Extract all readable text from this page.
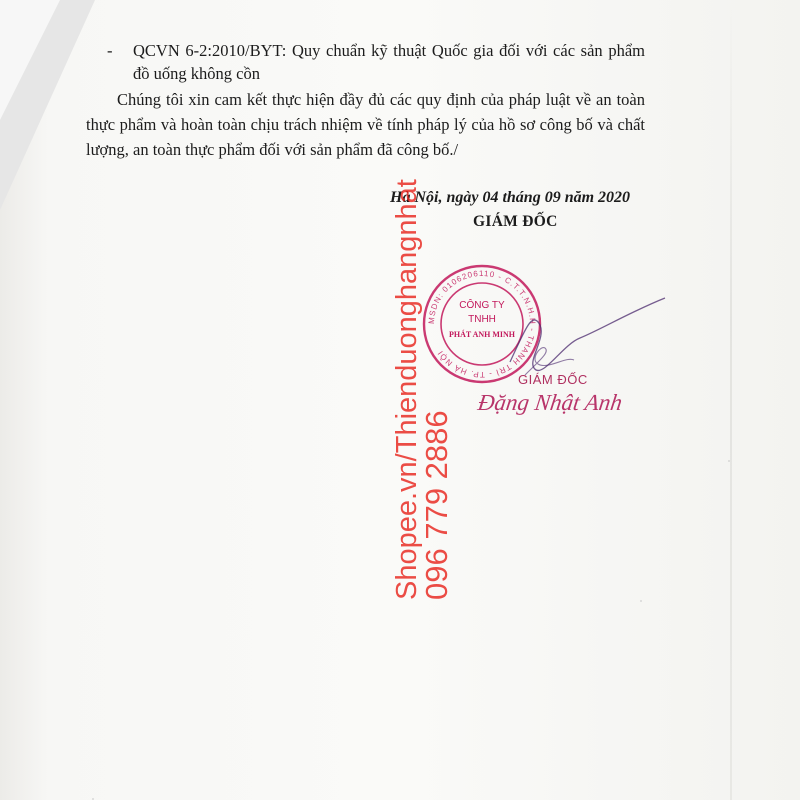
- QCVN 6-2:2010/BYT: Quy chuẩn kỹ thuật Quốc gia đối với các sản phẩm
đồ uống không cồn
Chúng tôi xin cam kết thực hiện đầy đủ các quy định của pháp luật về an toàn
thực phẩm và hoàn toàn chịu trách nhiệm về tính pháp lý của hồ sơ công bố và chất
lượng, an toàn thực phẩm đối với sản phẩm đã công bố./
Hà Nội, ngày 04 tháng 09 năm 2020
GIÁM ĐỐC
MSDN: 0106206110 - C.T.T.N.H.H - THANH TRÌ - TP. HÀ NỘI
CÔNG TY
TNHH
PHÁT ANH MINH
GIÁM ĐỐC
Đặng Nhật Anh
Shopee.vn/Thienduonghangnhat
096 779 2886
